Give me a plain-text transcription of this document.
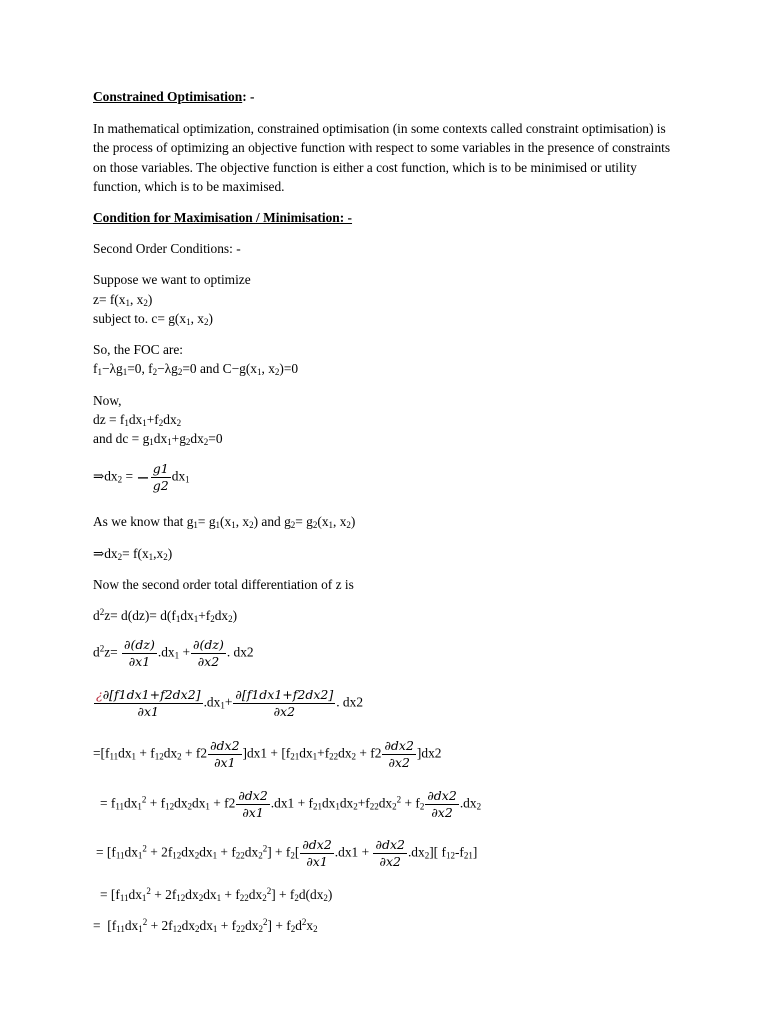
Constrained Optimisation: -
In mathematical optimization, constrained optimisation (in some contexts called constraint optimisation) is the process of optimizing an objective function with respect to some variables in the presence of constraints on those variables. The objective function is either a cost function, which is to be minimised or utility function, which is to be maximised.
Condition for Maximisation / Minimisation: -
Second Order Conditions: -
Suppose we want to optimize
$z= f(x_1$, $x_2$)
subject to. $c= g(x_1$, $x_2$)
So, the FOC are:
$f_1-\lambda g_1=0$, $f_2-\lambda g_2=0$ and $C-g(x_1$, $x_2)=0$
Now,
dz = $f_1dx_1+f_2dx_2$
and dc = $g_1dx_1+g_2dx_2=0$
$\Rightarrow dx_2$ = − $\frac{g1}{g2} dx_1$
As we know that $g_1= g_1(x_1$, $x_2$) and $g_2= g_2(x_1$, $x_2$)
$\Rightarrow dx_2= f(x_1,x_2)$
Now the second order total differentiation of z is
$d^2z= d(dz)= d(f_1dx_1+f_2dx_2)$
$d^2z= \frac{\partial(dz)}{\partial x1} .dx_1 + \frac{\partial(dz)}{\partial x2}$ . dx2
$\frac{¿\partial[f1dx1+f2dx2]}{\partial x1} .dx_1+ \frac{\partial[f1dx1+f2dx2]}{\partial x2}$ . dx2
$=[f_{11}dx_1 + f_{12}dx_2 + f2 \frac{\partial dx2}{\partial x1} ]dx1 + [f_{21}dx_1+f_{22}dx_2 + f2 \frac{\partial dx2}{\partial x2} ]dx2$
= $f_{11}dx_1^2 + f_{12}dx_2dx_1 + f2 \frac{\partial dx2}{\partial x1} .dx1 + f_{21}dx_1dx_2+f_{22}dx_2^2 + f_2 \frac{\partial dx2}{\partial x2} .dx_2$
= $[f_{11}dx_1^2 + 2f_{12}dx_2dx_1 + f_{22}dx_2^2] + f_2[ \frac{\partial dx2}{\partial x1} .dx1 + \frac{\partial dx2}{\partial x2} .dx_2]$[ $f_{12}-f_{21}$]
= $[f_{11}dx_1^2 + 2f_{12}dx_2dx_1 + f_{22}dx_2^2] + f_2d(dx_2)$
=  $[f_{11}dx_1^2 + 2f_{12}dx_2dx_1 + f_{22}dx_2^2] + f_2d^2x_2$
